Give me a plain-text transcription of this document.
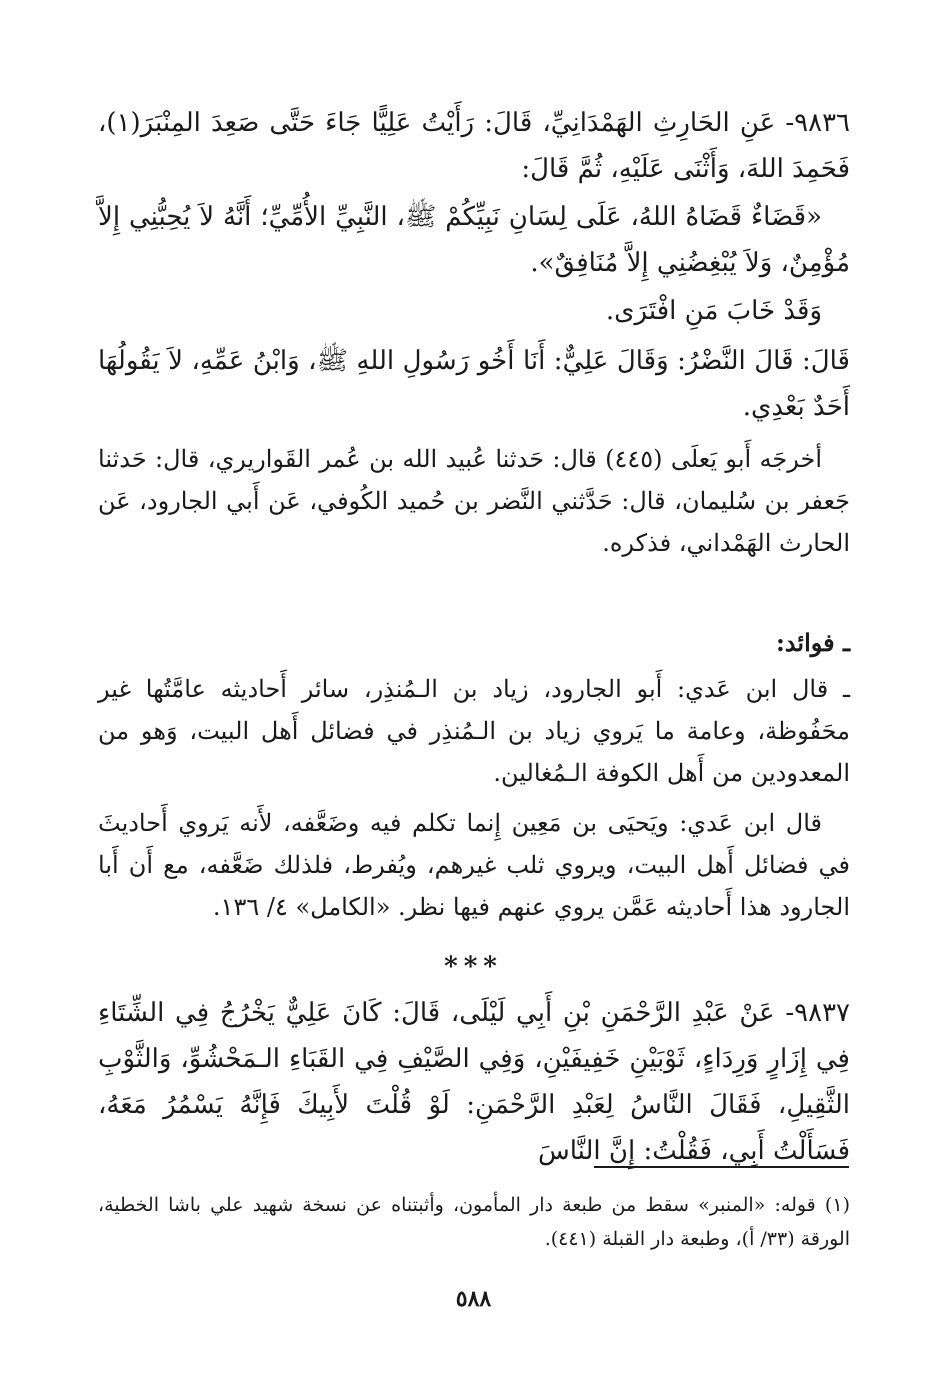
٩٨٣٦- عَنِ الحَارِثِ الهَمْدَانِيِّ، قَالَ: رَأَيْتُ عَلِيًّا جَاءَ حَتَّى صَعِدَ المِنْبَرَ(١)، فَحَمِدَ اللهَ، وَأَثْنَى عَلَيْهِ، ثُمَّ قَالَ:

«قَضَاءٌ قَضَاهُ اللهُ، عَلَى لِسَانِ نَبِيِّكُمْ ﷺ، النَّبِيِّ الأُمِّيِّ؛ أَنَّهُ لاَ يُحِبُّنِي إِلاَّ مُؤْمِنٌ، وَلاَ يُبْغِضُنِي إِلاَّ مُنَافِقٌ».

وَقَدْ خَابَ مَنِ افْتَرَى.

قَالَ: قَالَ النَّضْرُ: وَقَالَ عَلِيٌّ: أَنَا أَخُو رَسُولِ اللهِ ﷺ، وَابْنُ عَمِّهِ، لاَ يَقُولُهَا أَحَدٌ بَعْدِي.

أخرجَه أَبو يَعلَى (٤٤٥) قال: حَدثنا عُبيد الله بن عُمر القَواريري، قال: حَدثنا جَعفر بن سُليمان، قال: حَدَّثني النَّضر بن حُميد الكُوفي، عَن أَبي الجارود، عَن الحارث الهَمْداني، فذكره.

ـ فوائد:

ـ قال ابن عَدي: أَبو الجارود، زياد بن الـمُنذِر، سائر أَحاديثه عامَّتُها غير محَفُوظة، وعامة ما يَروي زياد بن الـمُنذِر في فضائل أَهل البيت، وَهو من المعدودين من أَهل الكوفة الـمُغالين.

قال ابن عَدي: ويَحيَى بن مَعِين إِنما تكلم فيه وضَعَّفه، لأَنه يَروي أَحاديثَ في فضائل أَهل البيت، ويروي ثلب غيرهم، ويُفرط، فلذلك ضَعَّفه، مع أَن أَبا الجارود هذا أَحاديثه عَمَّن يروي عنهم فيها نظر. «الكامل» ٤/ ١٣٦.

***

٩٨٣٧- عَنْ عَبْدِ الرَّحْمَنِ بْنِ أَبِي لَيْلَى، قَالَ: كَانَ عَلِيٌّ يَخْرُجُ فِي الشِّتَاءِ فِي إِزَارٍ وَرِدَاءٍ، ثَوْبَيْنِ خَفِيفَيْنِ، وَفِي الصَّيْفِ فِي القَبَاءِ الـمَحْشُوِّ، وَالثَّوْبِ الثَّقِيلِ، فَقَالَ النَّاسُ لِعَبْدِ الرَّحْمَنِ: لَوْ قُلْتَ لأَبِيكَ فَإِنَّهُ يَسْمُرُ مَعَهُ، فَسَأَلْتُ أَبِي، فَقُلْتُ: إِنَّ النَّاسَ

(١) قوله: «المنبر» سقط من طبعة دار المأمون، وأثبتناه عن نسخة شهيد علي باشا الخطية، الورقة (٣٣/ أ)، وطبعة دار القبلة (٤٤١).

٥٨٨
